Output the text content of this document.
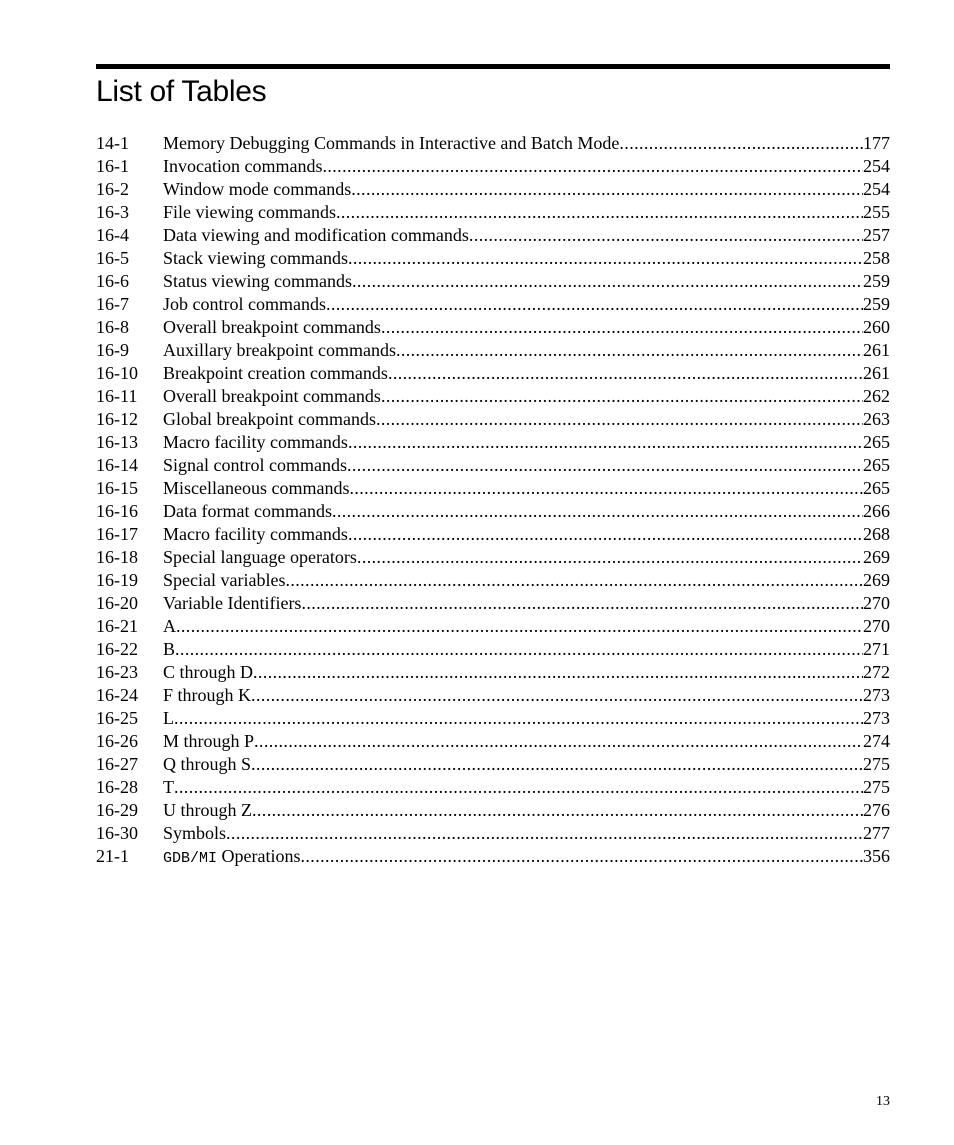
List of Tables
14-1	Memory Debugging Commands in Interactive and Batch Mode .....	177
16-1	Invocation commands .....	254
16-2	Window mode commands .....	254
16-3	File viewing commands .....	255
16-4	Data viewing and modification commands .....	257
16-5	Stack viewing commands .....	258
16-6	Status viewing commands .....	259
16-7	Job control commands .....	259
16-8	Overall breakpoint commands .....	260
16-9	Auxillary breakpoint commands .....	261
16-10	Breakpoint creation commands .....	261
16-11	Overall breakpoint commands .....	262
16-12	Global breakpoint commands .....	263
16-13	Macro facility commands .....	265
16-14	Signal control commands .....	265
16-15	Miscellaneous commands .....	265
16-16	Data format commands .....	266
16-17	Macro facility commands .....	268
16-18	Special language operators .....	269
16-19	Special variables .....	269
16-20	Variable Identifiers .....	270
16-21	A .....	270
16-22	B .....	271
16-23	C through D .....	272
16-24	F through K .....	273
16-25	L .....	273
16-26	M through P .....	274
16-27	Q through S .....	275
16-28	T .....	275
16-29	U through Z .....	276
16-30	Symbols .....	277
21-1	GDB/MI Operations .....	356
13
